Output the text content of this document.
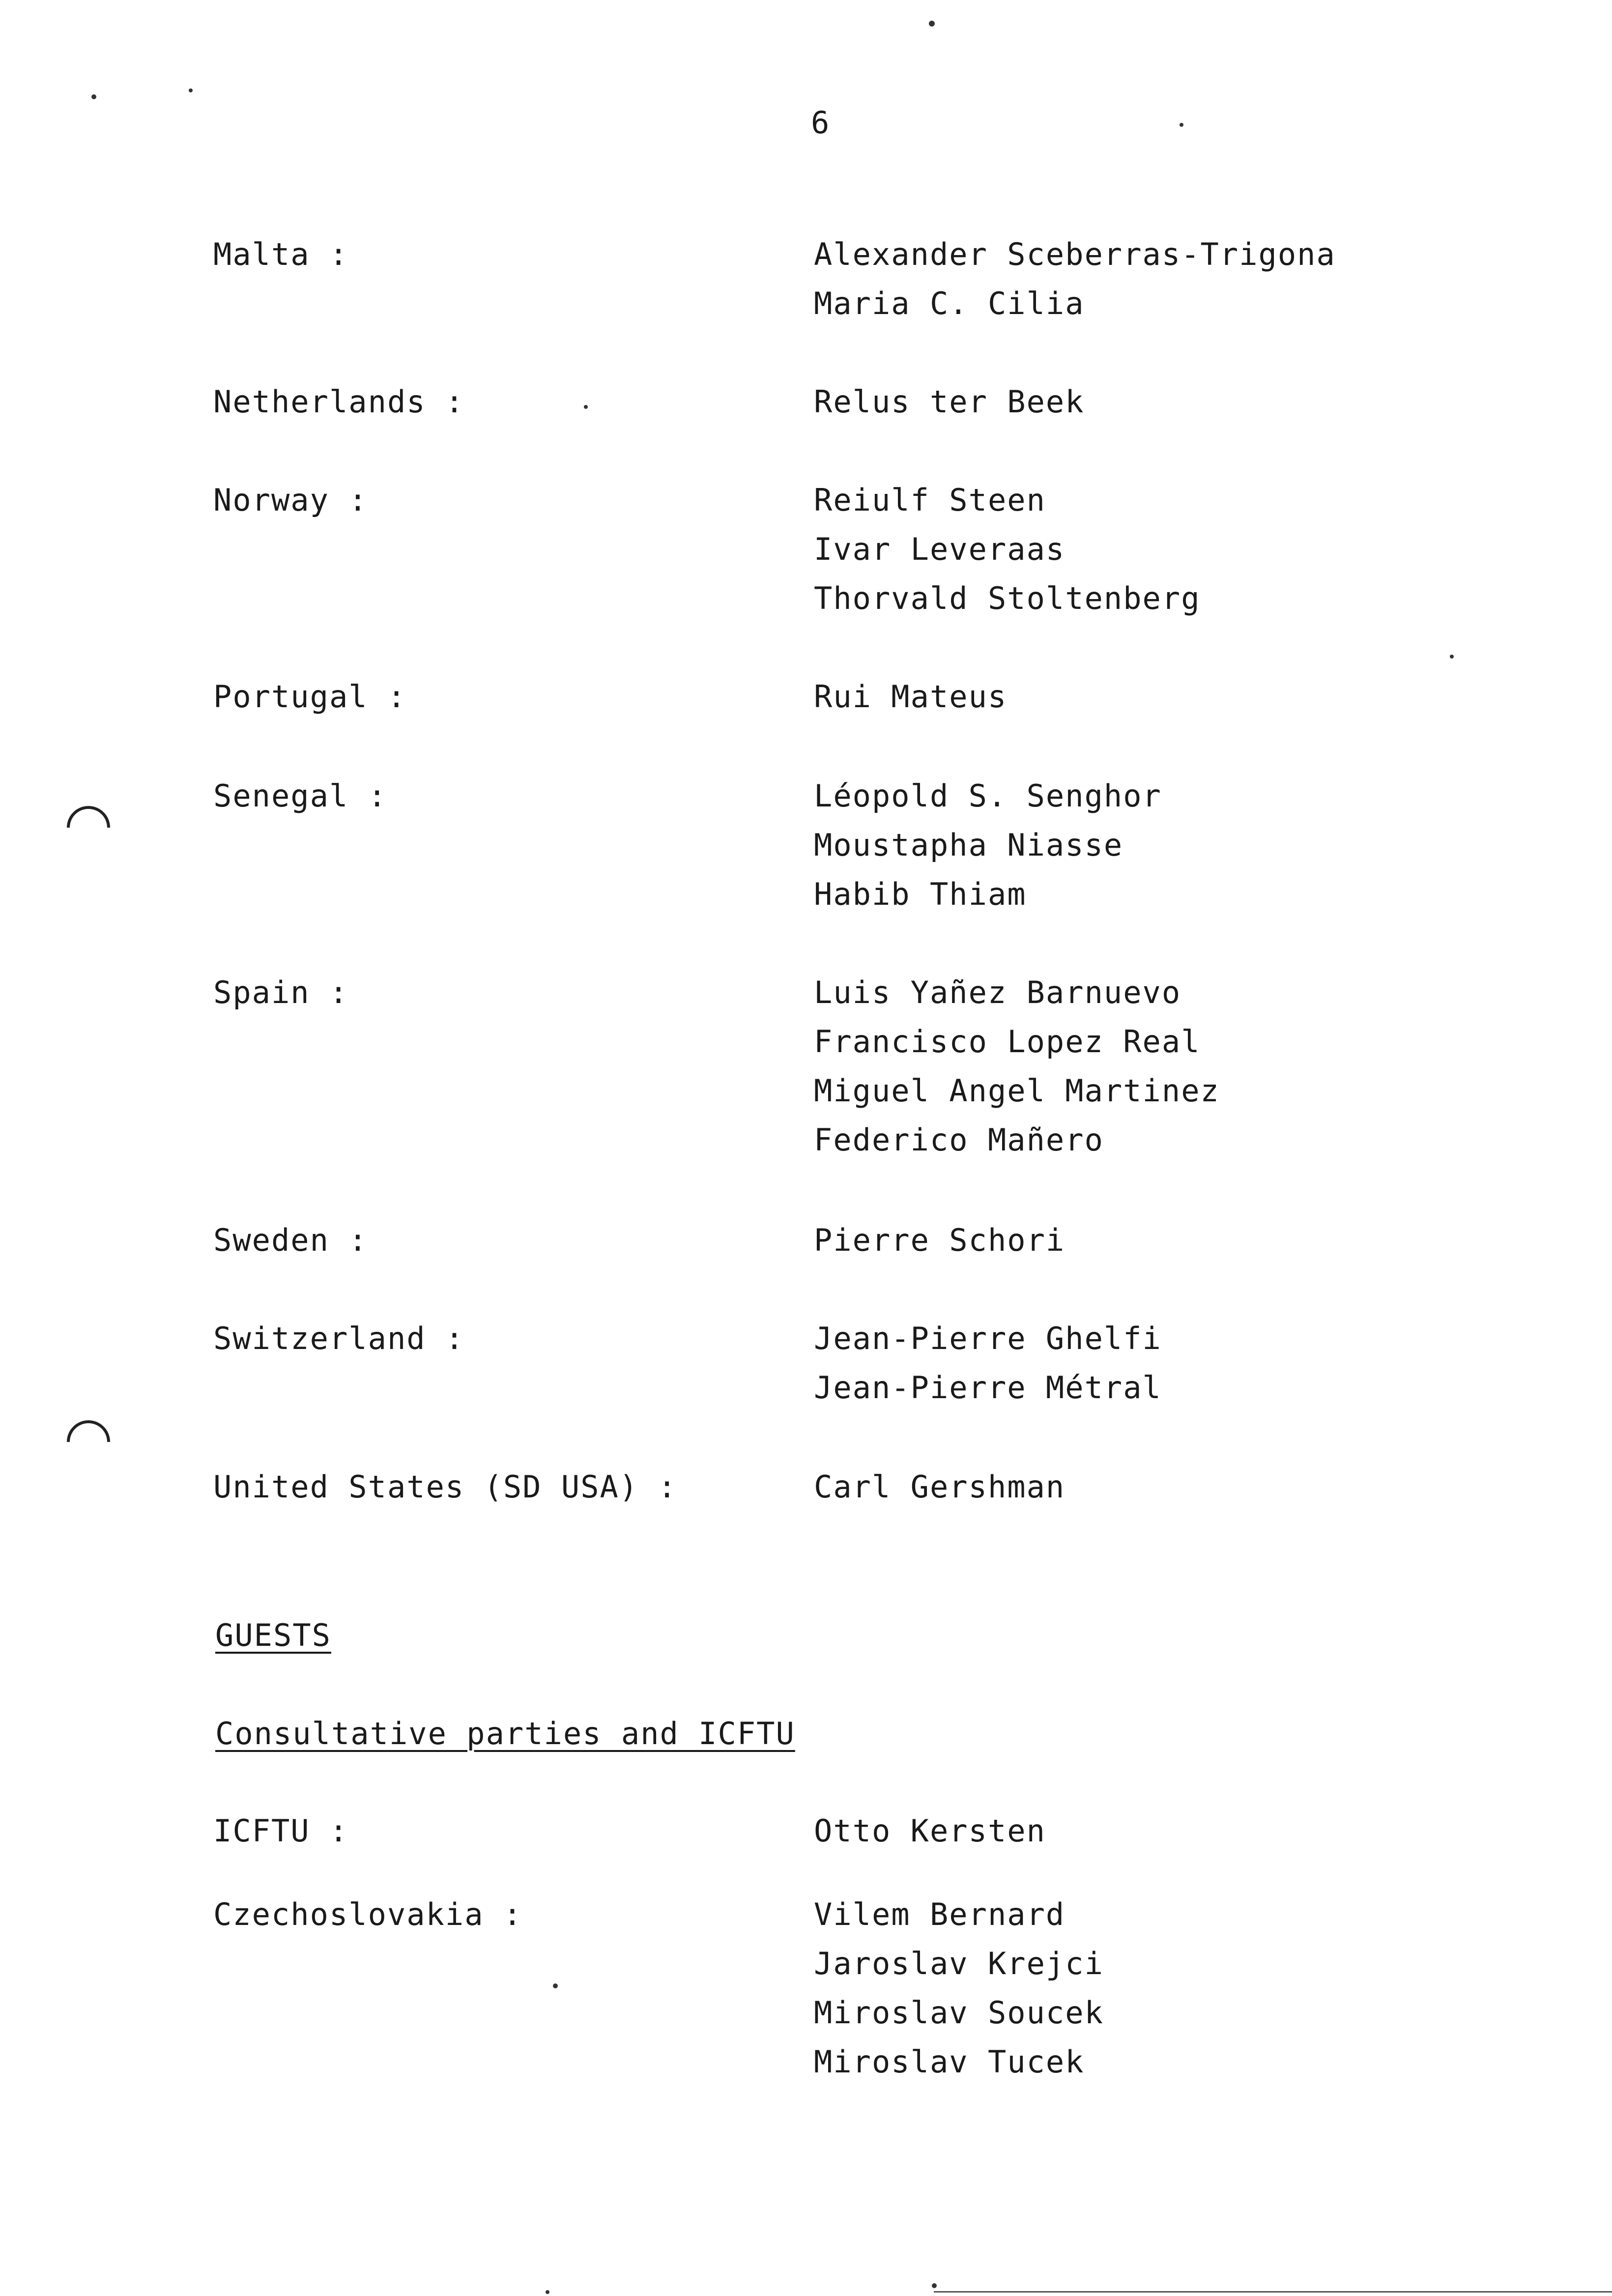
6
Malta :	Alexander Sceberras-Trigona
Maria C. Cilia
Netherlands :	Relus ter Beek
Norway :	Reiulf Steen
Ivar Leveraas
Thorvald Stoltenberg
Portugal :	Rui Mateus
Senegal :	Léopold S. Senghor
Moustapha Niasse
Habib Thiam
Spain :	Luis Yañez Barnuevo
Francisco Lopez Real
Miguel Angel Martinez
Federico Mañero
Sweden :	Pierre Schori
Switzerland :	Jean-Pierre Ghelfi
Jean-Pierre Métral
United States (SD USA) :	Carl Gershman
GUESTS
Consultative parties and ICFTU
ICFTU :	Otto Kersten
Czechoslovakia :	Vilem Bernard
Jaroslav Krejci
Miroslav Soucek
Miroslav Tucek
